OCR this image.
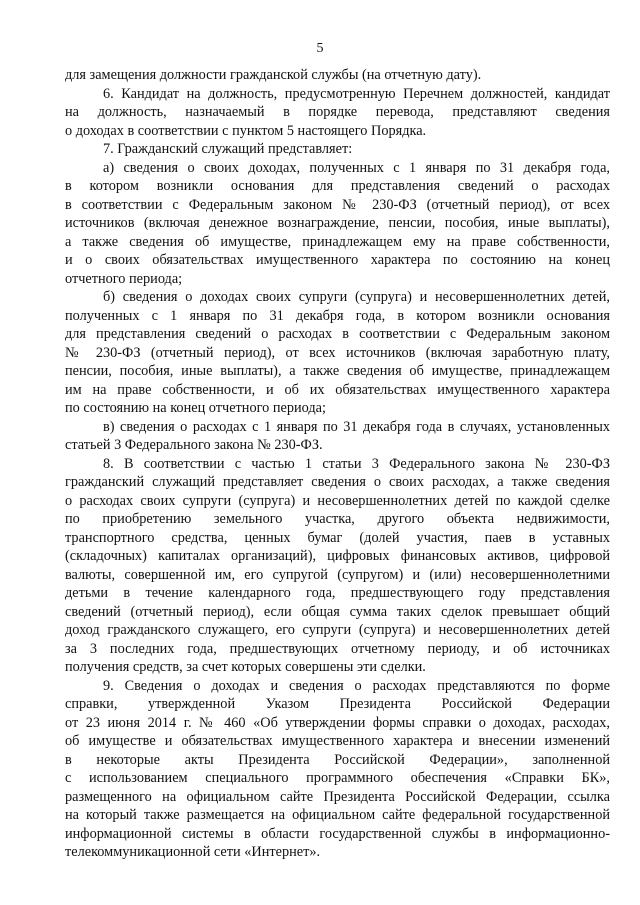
5
для замещения должности гражданской службы (на отчетную дату).
6. Кандидат на должность, предусмотренную Перечнем должностей, кандидат
на должность, назначаемый в порядке перевода, представляют сведения
о доходах в соответствии с пунктом 5 настоящего Порядка.
7. Гражданский служащий представляет:
а) сведения о своих доходах, полученных с 1 января по 31 декабря года,
в котором возникли основания для представления сведений о расходах
в соответствии с Федеральным законом № 230-ФЗ (отчетный период), от всех
источников (включая денежное вознаграждение, пенсии, пособия, иные выплаты),
а также сведения об имуществе, принадлежащем ему на праве собственности,
и о своих обязательствах имущественного характера по состоянию на конец
отчетного периода;
б) сведения о доходах своих супруги (супруга) и несовершеннолетних детей,
полученных с 1 января по 31 декабря года, в котором возникли основания
для представления сведений о расходах в соответствии с Федеральным законом
№ 230-ФЗ (отчетный период), от всех источников (включая заработную плату,
пенсии, пособия, иные выплаты), а также сведения об имуществе, принадлежащем
им на праве собственности, и об их обязательствах имущественного характера
по состоянию на конец отчетного периода;
в) сведения о расходах с 1 января по 31 декабря года в случаях, установленных
статьей 3 Федерального закона № 230-ФЗ.
8. В соответствии с частью 1 статьи 3 Федерального закона № 230-ФЗ
гражданский служащий представляет сведения о своих расходах, а также сведения
о расходах своих супруги (супруга) и несовершеннолетних детей по каждой сделке
по приобретению земельного участка, другого объекта недвижимости,
транспортного средства, ценных бумаг (долей участия, паев в уставных
(складочных) капиталах организаций), цифровых финансовых активов, цифровой
валюты, совершенной им, его супругой (супругом) и (или) несовершеннолетними
детьми в течение календарного года, предшествующего году представления
сведений (отчетный период), если общая сумма таких сделок превышает общий
доход гражданского служащего, его супруги (супруга) и несовершеннолетних детей
за 3 последних года, предшествующих отчетному периоду, и об источниках
получения средств, за счет которых совершены эти сделки.
9. Сведения о доходах и сведения о расходах представляются по форме
справки, утвержденной Указом Президента Российской Федерации
от 23 июня 2014 г. № 460 «Об утверждении формы справки о доходах, расходах,
об имуществе и обязательствах имущественного характера и внесении изменений
в некоторые акты Президента Российской Федерации», заполненной
с использованием специального программного обеспечения «Справки БК»,
размещенного на официальном сайте Президента Российской Федерации, ссылка
на который также размещается на официальном сайте федеральной государственной
информационной системы в области государственной службы в информационно-
телекоммуникационной сети «Интернет».
